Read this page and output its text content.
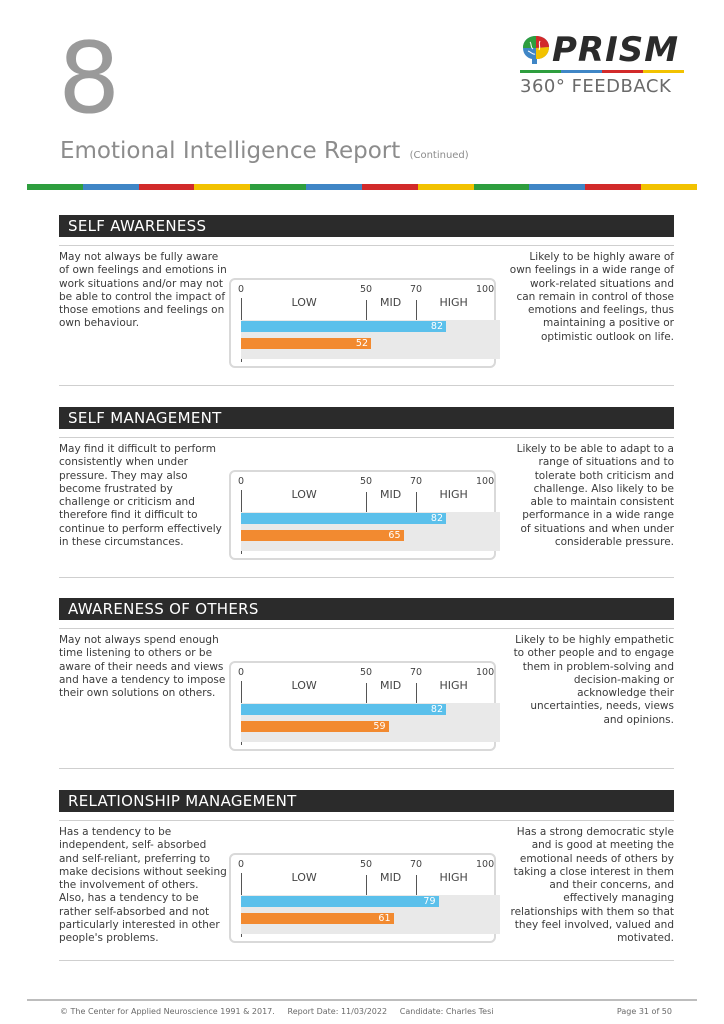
8
Emotional Intelligence Report (Continued)
PRISM
360° FEEDBACK
SELF AWARENESS
May not always be fully aware of own feelings and emotions in work situations and/or may not be able to control the impact of those emotions and feelings on own behaviour.
Likely to be highly aware of own feelings in a wide range of work-related situations and can remain in control of those emotions and feelings, thus maintaining a positive or optimistic outlook on life.
0	50	70	100
LOW	MID	HIGH
82
52
SELF MANAGEMENT
May find it difficult to perform consistently when under pressure. They may also become frustrated by challenge or criticism and therefore find it difficult to continue to perform effectively in these circumstances.
Likely to be able to adapt to a range of situations and to tolerate both criticism and challenge. Also likely to be able to maintain consistent performance in a wide range of situations and when under considerable pressure.
0	50	70	100
LOW	MID	HIGH
82
65
AWARENESS OF OTHERS
May not always spend enough time listening to others or be aware of their needs and views and have a tendency to impose their own solutions on others.
Likely to be highly empathetic to other people and to engage them in problem-solving and decision-making or acknowledge their uncertainties, needs, views and opinions.
0	50	70	100
LOW	MID	HIGH
82
59
RELATIONSHIP MANAGEMENT
Has a tendency to be independent, self- absorbed and self-reliant, preferring to make decisions without seeking the involvement of others. Also, has a tendency to be rather self-absorbed and not particularly interested in other people's problems.
Has a strong democratic style and is good at meeting the emotional needs of others by taking a close interest in them and their concerns, and effectively managing relationships with them so that they feel involved, valued and motivated.
0	50	70	100
LOW	MID	HIGH
79
61
© The Center for Applied Neuroscience 1991 & 2017. Report Date: 11/03/2022 Candidate: Charles Tesi	Page 31 of 50
